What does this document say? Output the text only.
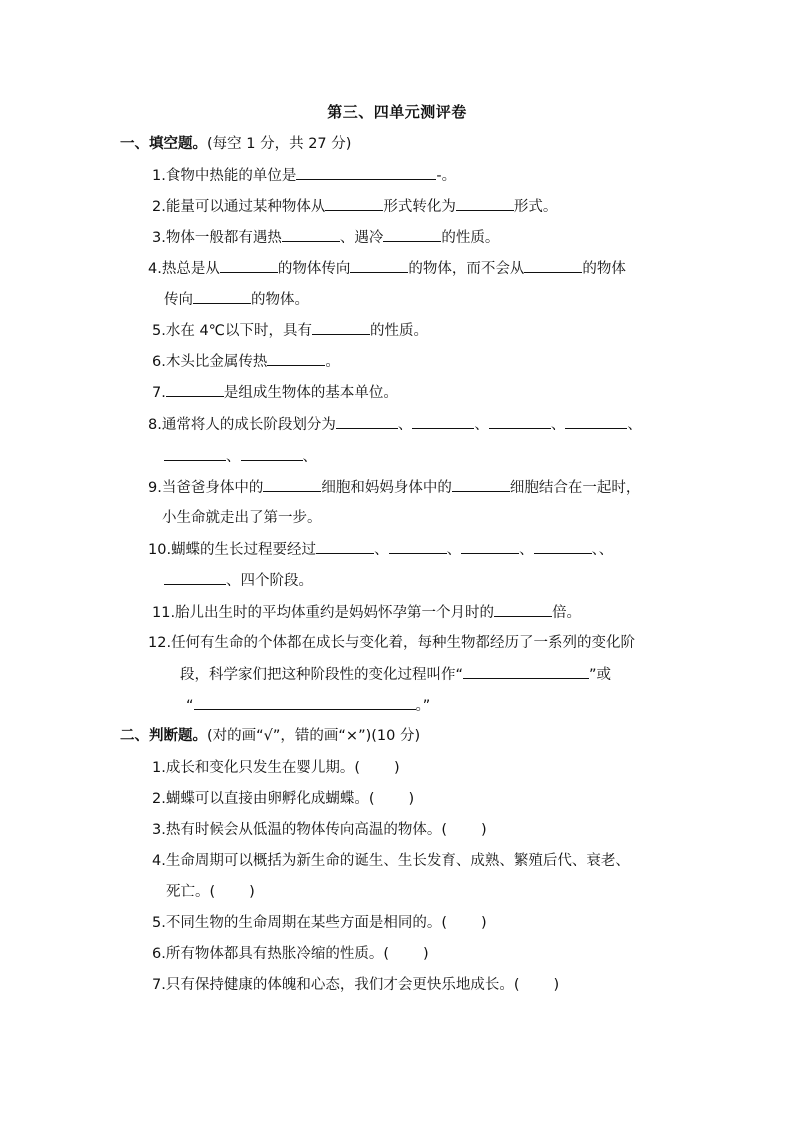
第三、四单元测评卷
一、填空题。(每空 1 分，共 27 分)
1.食物中热能的单位是	-。
2.能量可以通过某种物体从	形式转化为	形式。
3.物体一般都有遇热	、遇冷	的性质。
4.热总是从	的物体传向	的物体，而不会从	的物体
传向	的物体。
5.水在 4℃以下时，具有	的性质。
6.木头比金属传热	。
7.	是组成生物体的基本单位。
8.通常将人的成长阶段划分为	、	、	、	、
、	、
9.当爸爸身体中的	细胞和妈妈身体中的	细胞结合在一起时，
小生命就走出了第一步。
10.蝴蝶的生长过程要经过	、	、	、	、、
、四个阶段。
11.胎儿出生时的平均体重约是妈妈怀孕第一个月时的	倍。
12.任何有生命的个体都在成长与变化着，每种生物都经历了一系列的变化阶
段，科学家们把这种阶段性的变化过程叫作“	”或
“	。”
二、判断题。(对的画“√”，错的画“×”)(10 分)
1.成长和变化只发生在婴儿期。( )
2.蝴蝶可以直接由卵孵化成蝴蝶。( )
3.热有时候会从低温的物体传向高温的物体。( )
4.生命周期可以概括为新生命的诞生、生长发育、成熟、繁殖后代、衰老、
死亡。( )
5.不同生物的生命周期在某些方面是相同的。( )
6.所有物体都具有热胀冷缩的性质。( )
7.只有保持健康的体魄和心态，我们才会更快乐地成长。( )
